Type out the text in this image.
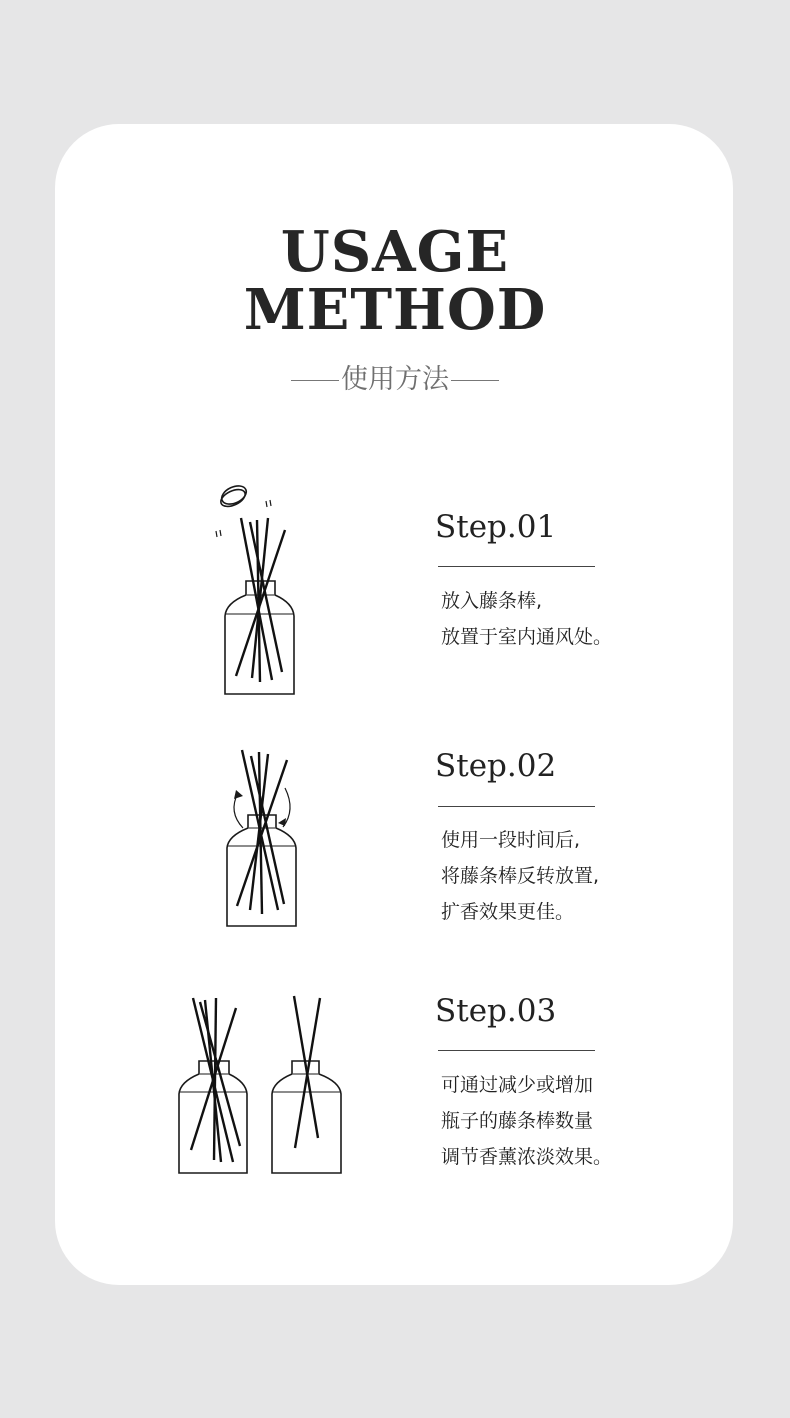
USAGE
METHOD
使用方法
Step.01
放入藤条棒,
放置于室内通风处。
Step.02
使用一段时间后,
将藤条棒反转放置,
扩香效果更佳。
Step.03
可通过减少或增加
瓶子的藤条棒数量
调节香薰浓淡效果。
